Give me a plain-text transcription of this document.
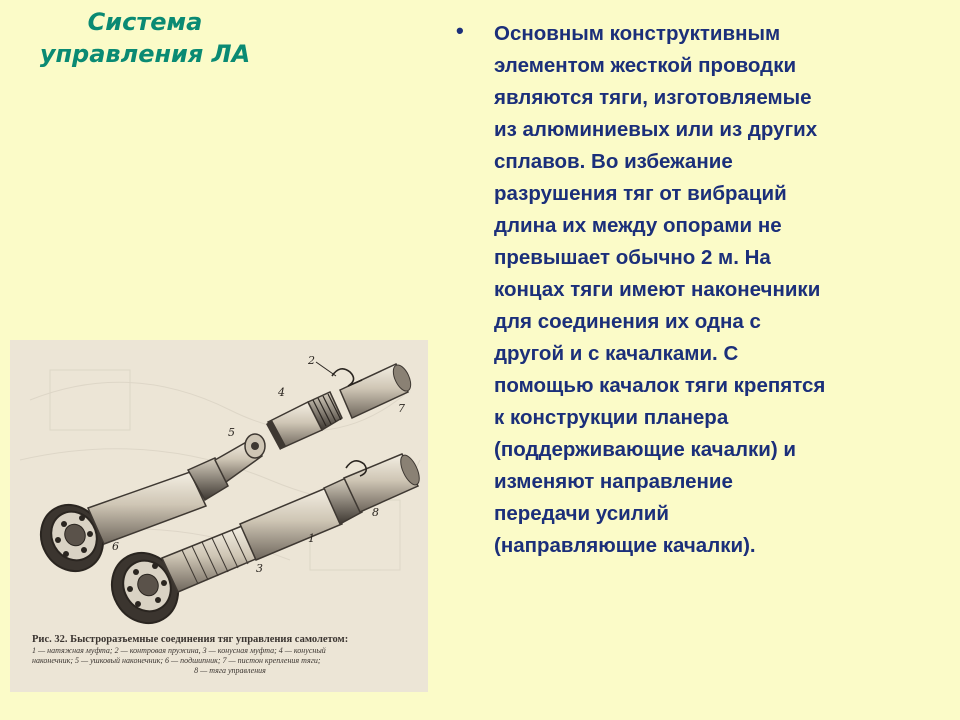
Система
управления ЛА
• Основным конструктивным
элементом жесткой проводки
являются тяги, изготовляемые
из алюминиевых или из других
сплавов. Во избежание
разрушения тяг от вибраций
длина их между опорами не
превышает обычно 2 м. На
концах тяги имеют наконечники
для соединения их одна с
другой и с качалками. С
помощью качалок тяги крепятся
к конструкции планера
(поддерживающие качалки) и
изменяют направление
передачи усилий
(направляющие качалки).
2
4
7
5
8
1
6
3
Рис. 32. Быстроразъемные соединения тяг управления самолетом:
1 — натяжная муфта; 2 — контровая пружина, 3 — конусная муфта; 4 — конусный
наконечник; 5 — ушковый наконечник; 6 — подшипник; 7 — пистон крепления тяги;
8 — тяга управления
